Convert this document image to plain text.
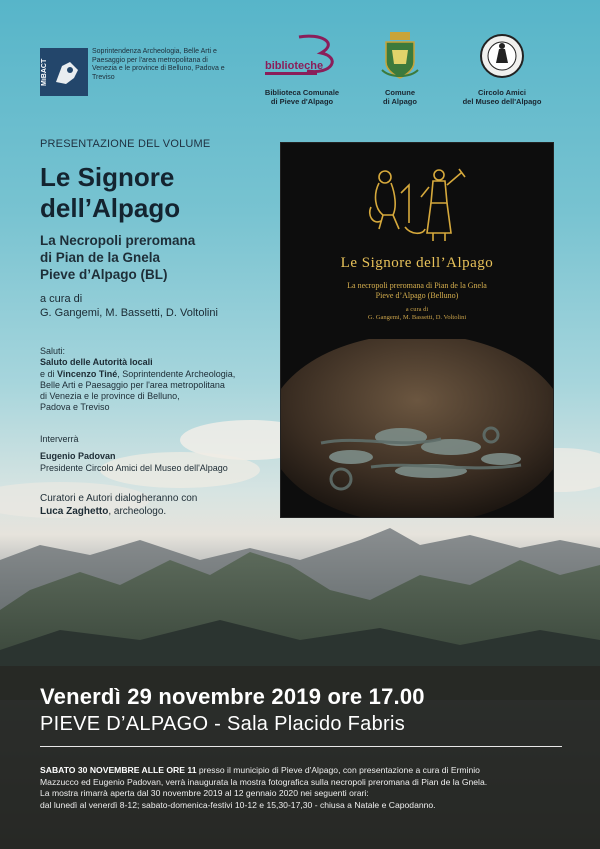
MiBACT
Soprintendenza Archeologia, Belle Arti e Paesaggio per l'area metropolitana di Venezia e le province di Belluno, Padova e Treviso
biblioteche
Biblioteca Comunale
di Pieve d'Alpago
Comune
di Alpago
Circolo Amici
del Museo dell'Alpago
PRESENTAZIONE DEL VOLUME
Le Signore
dell’Alpago
La Necropoli preromana
di Pian de la Gnela
Pieve d’Alpago (BL)
a cura di
G. Gangemi, M. Bassetti, D. Voltolini
Saluti:
Saluto delle Autorità locali
e di Vincenzo Tiné, Soprintendente Archeologia,
Belle Arti e Paesaggio per l'area metropolitana
di Venezia e le province di Belluno,
Padova e Treviso
Interverrà
Eugenio Padovan
Presidente Circolo Amici del Museo dell'Alpago
Curatori e Autori dialogheranno con
Luca Zaghetto, archeologo.
Le Signore dell’Alpago
La necropoli preromana di Pian de la Gnela
Pieve d’Alpago (Belluno)
a cura di
G. Gangemi, M. Bassetti, D. Voltolini
Venerdì 29 novembre 2019 ore 17.00
PIEVE D’ALPAGO - Sala Placido Fabris
SABATO 30 NOVEMBRE ALLE ORE 11 presso il municipio di Pieve d'Alpago, con presentazione a cura di Erminio
Mazzucco ed Eugenio Padovan, verrà inaugurata la mostra fotografica sulla necropoli preromana di Pian de la Gnela.
La mostra rimarrà aperta dal 30 novembre 2019 al 12 gennaio 2020 nei seguenti orari:
dal lunedì al venerdì 8-12; sabato-domenica-festivi 10-12 e 15,30-17,30 - chiusa a Natale e Capodanno.
